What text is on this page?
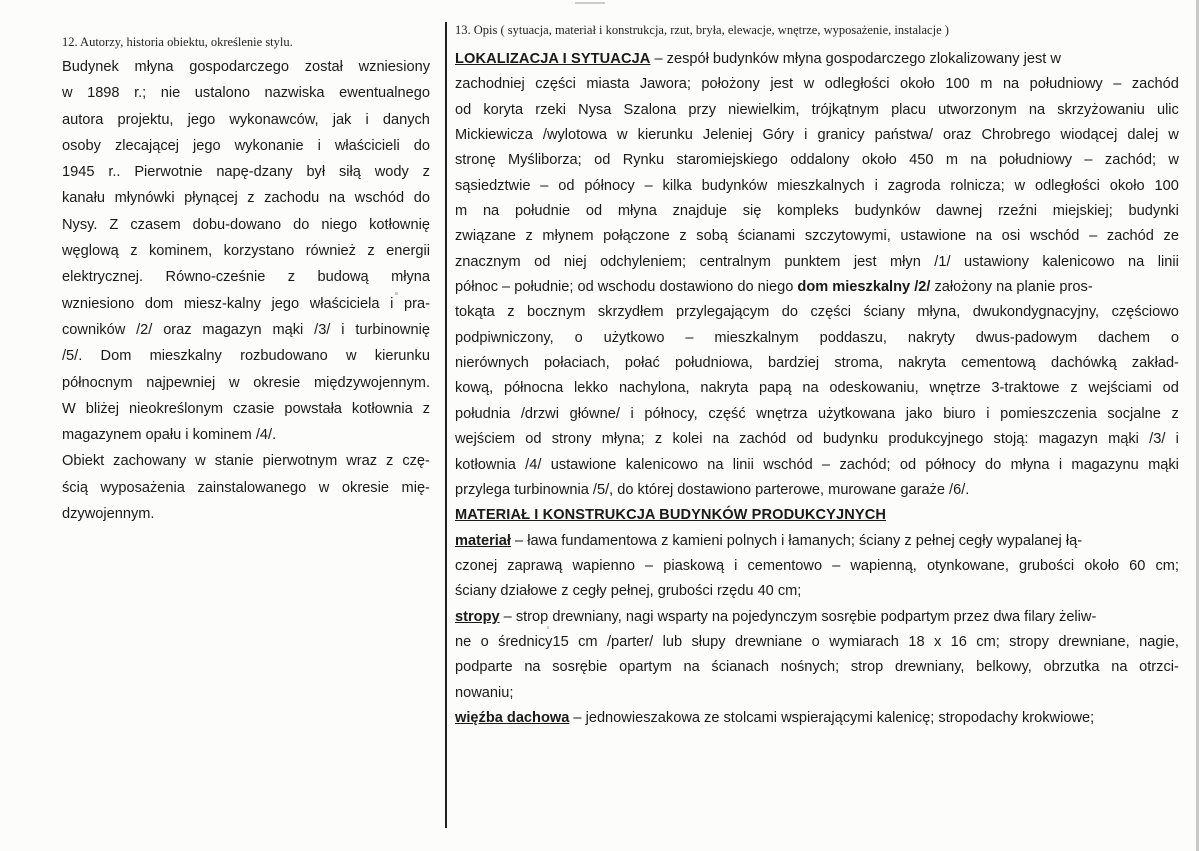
12. Autorzy, historia obiektu, określenie stylu.
Budynek młyna gospodarczego został wzniesiony
w 1898 r.; nie ustalono nazwiska ewentualnego
autora projektu, jego wykonawców, jak i danych
osoby zlecającej jego wykonanie i właścicieli do
1945 r.. Pierwotnie napę-dzany był siłą wody z
kanału młynówki płynącej z zachodu na wschód do
Nysy. Z czasem dobu-dowano do niego kotłownię
węglową z kominem, korzystano również z energii
elektrycznej. Równo-cześnie z budową młyna
wzniesiono dom miesz-kalny jego właściciela i pra-
cowników /2/ oraz magazyn mąki /3/ i turbinownię
/5/. Dom mieszkalny rozbudowano w kierunku
północnym najpewniej w okresie międzywojennym.
W bliżej nieokreślonym czasie powstała kotłownia z
magazynem opału i kominem /4/.
Obiekt zachowany w stanie pierwotnym wraz z czę-
ścią wyposażenia zainstalowanego w okresie mię-
dzywojennym.
13. Opis ( sytuacja, materiał i konstrukcja, rzut, bryła, elewacje, wnętrze, wyposażenie, instalacje )
LOKALIZACJA I SYTUACJA – zespół budynków młyna gospodarczego zlokalizowany jest w
zachodniej części miasta Jawora; położony jest w odległości około 100 m na południowy – zachód
od koryta rzeki Nysa Szalona przy niewielkim, trójkątnym placu utworzonym na skrzyżowaniu ulic
Mickiewicza /wylotowa w kierunku Jeleniej Góry i granicy państwa/ oraz Chrobrego wiodącej dalej w
stronę Myśliborza; od Rynku staromiejskiego oddalony około 450 m na południowy – zachód; w
sąsiedztwie – od północy – kilka budynków mieszkalnych i zagroda rolnicza; w odległości około 100
m na południe od młyna znajduje się kompleks budynków dawnej rzeźni miejskiej; budynki
związane z młynem połączone z sobą ścianami szczytowymi, ustawione na osi wschód – zachód ze
znacznym od niej odchyleniem; centralnym punktem jest młyn /1/ ustawiony kalenicowo na linii
północ – południe; od wschodu dostawiono do niego dom mieszkalny /2/ założony na planie pros-
tokąta z bocznym skrzydłem przylegającym do części ściany młyna, dwukondygnacyjny, częściowo
podpiwniczony, o użytkowo – mieszkalnym poddaszu, nakryty dwus-padowym dachem o
nierównych połaciach, połać południowa, bardziej stroma, nakryta cementową dachówką zakład-
kową, północna lekko nachylona, nakryta papą na odeskowaniu, wnętrze 3-traktowe z wejściami od
południa /drzwi główne/ i północy, część wnętrza użytkowana jako biuro i pomieszczenia socjalne z
wejściem od strony młyna; z kolei na zachód od budynku produkcyjnego stoją: magazyn mąki /3/ i
kotłownia /4/ ustawione kalenicowo na linii wschód – zachód; od północy do młyna i magazynu mąki
przylega turbinownia /5/, do której dostawiono parterowe, murowane garaże /6/.
MATERIAŁ I KONSTRUKCJA BUDYNKÓW PRODUKCYJNYCH
materiał – ława fundamentowa z kamieni polnych i łamanych; ściany z pełnej cegły wypalanej łą-
czonej zaprawą wapienno – piaskową i cementowo – wapienną, otynkowane, grubości około 60 cm;
ściany działowe z cegły pełnej, grubości rzędu 40 cm;
stropy – strop drewniany, nagi wsparty na pojedynczym sosrębie podpartym przez dwa filary żeliw-
ne o średnicy15 cm /parter/ lub słupy drewniane o wymiarach 18 x 16 cm; stropy drewniane, nagie,
podparte na sosrębie opartym na ścianach nośnych; strop drewniany, belkowy, obrzutka na otrzci-
nowaniu;
więźba dachowa – jednowieszakowa ze stolcami wspierającymi kalenicę; stropodachy krokwiowe;
